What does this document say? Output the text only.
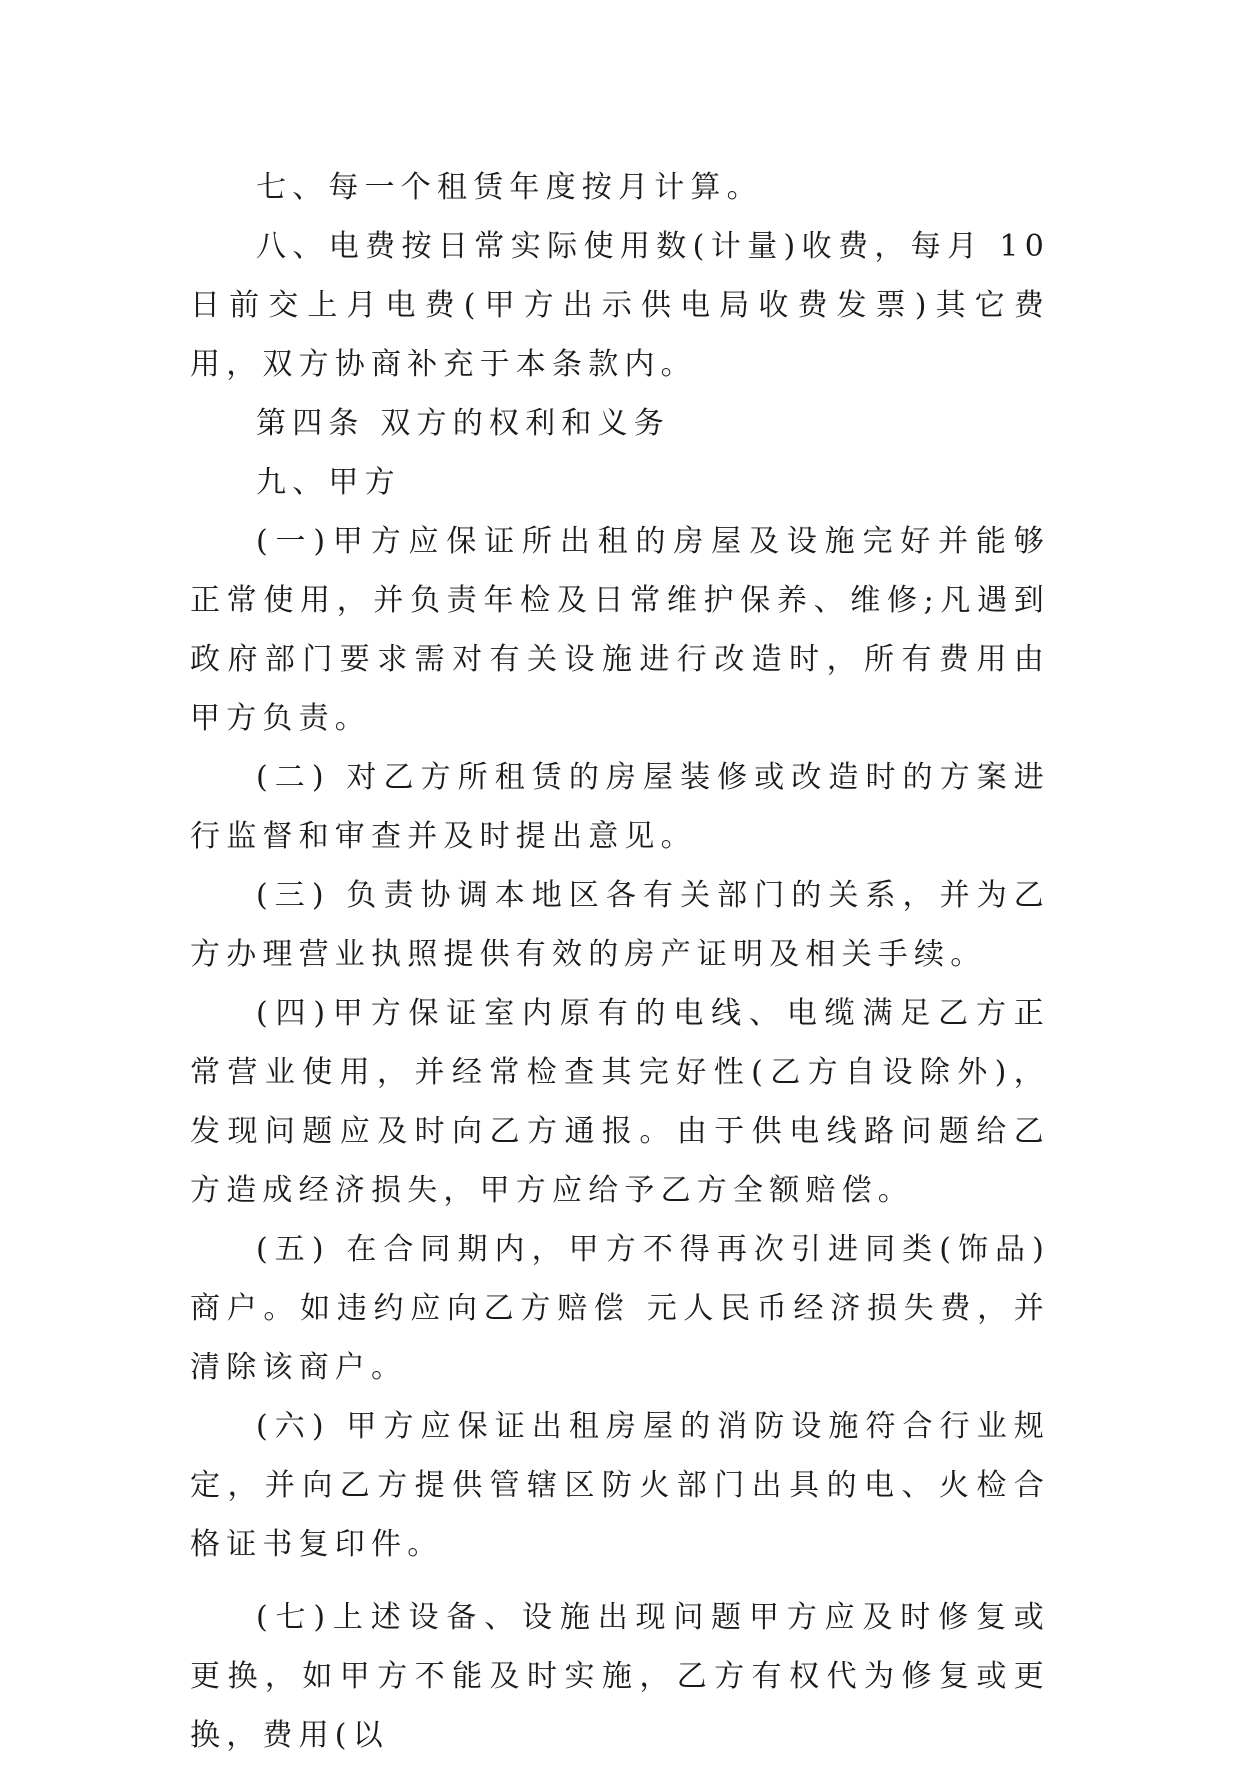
七、每一个租赁年度按月计算。

八、电费按日常实际使用数(计量)收费，每月 10 日前交上月电费(甲方出示供电局收费发票)其它费用，双方协商补充于本条款内。

第四条 双方的权利和义务

九、甲方

(一)甲方应保证所出租的房屋及设施完好并能够正常使用，并负责年检及日常维护保养、维修;凡遇到政府部门要求需对有关设施进行改造时，所有费用由甲方负责。

(二) 对乙方所租赁的房屋装修或改造时的方案进行监督和审查并及时提出意见。

(三) 负责协调本地区各有关部门的关系，并为乙方办理营业执照提供有效的房产证明及相关手续。

(四)甲方保证室内原有的电线、电缆满足乙方正常营业使用，并经常检查其完好性(乙方自设除外)，发现问题应及时向乙方通报。由于供电线路问题给乙方造成经济损失，甲方应给予乙方全额赔偿。

(五) 在合同期内，甲方不得再次引进同类(饰品)商户。如违约应向乙方赔偿 元人民币经济损失费，并清除该商户。

(六) 甲方应保证出租房屋的消防设施符合行业规定，并向乙方提供管辖区防火部门出具的电、火检合格证书复印件。

(七)上述设备、设施出现问题甲方应及时修复或更换，如甲方不能及时实施，乙方有权代为修复或更换，费用(以
